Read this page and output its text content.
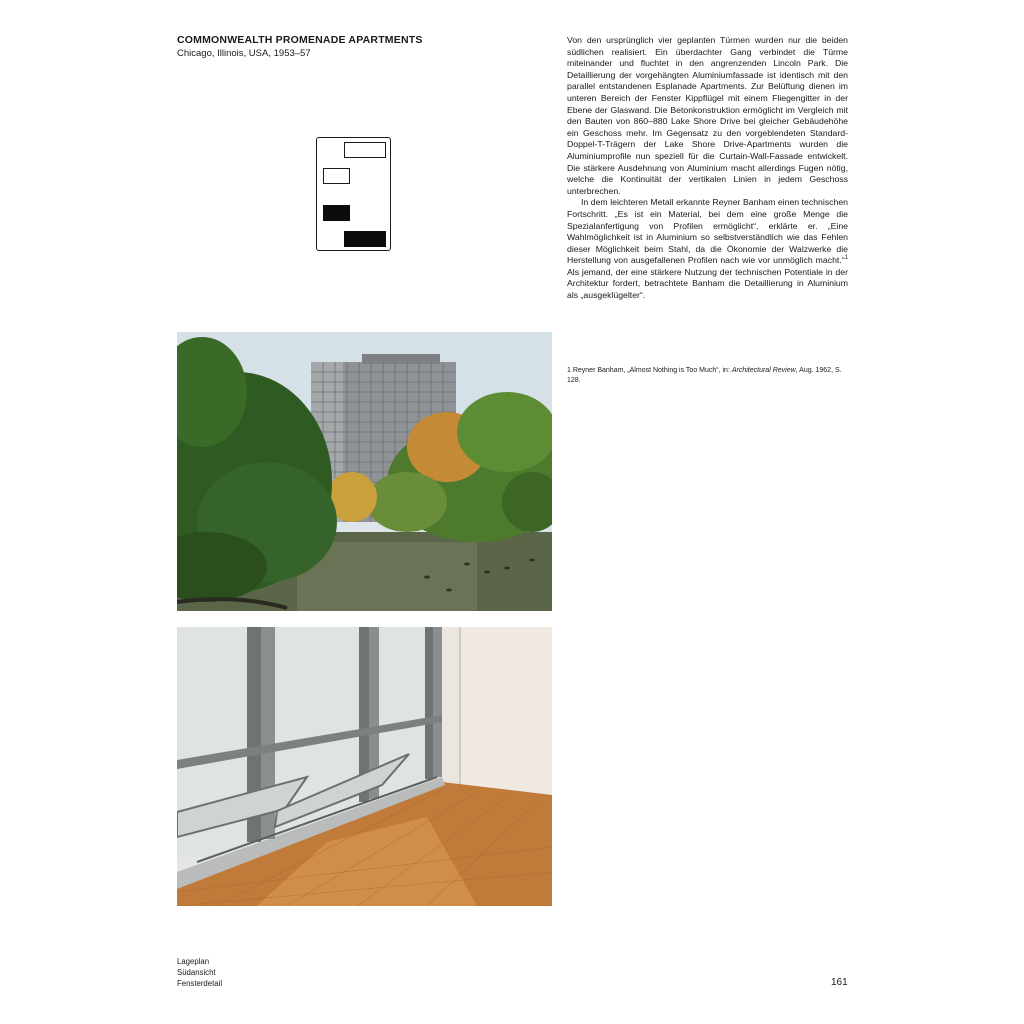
COMMONWEALTH PROMENADE APARTMENTS
Chicago, Illinois, USA, 1953–57

Von den ursprünglich vier geplanten Türmen wurden nur die beiden südlichen realisiert. Ein überdachter Gang verbindet die Türme miteinander und fluchtet in den angrenzenden Lincoln Park. Die Detaillierung der vorgehängten Aluminiumfassade ist identisch mit den parallel entstandenen Esplanade Apartments. Zur Belüftung dienen im unteren Bereich der Fenster Kippflügel mit einem Fliegengitter in der Ebene der Glaswand. Die Betonkonstruktion ermöglicht im Vergleich mit den Bauten von 860–880 Lake Shore Drive bei gleicher Gebäudehöhe ein Geschoss mehr. Im Gegensatz zu den vorgeblendeten Standard-Doppel-T-Trägern der Lake Shore Drive-Apartments wurden die Aluminiumprofile nun speziell für die Curtain-Wall-Fassade entwickelt. Die stärkere Ausdehnung von Aluminium macht allerdings Fugen nötig, welche die Kontinuität der vertikalen Linien in jedem Geschoss unterbrechen.

In dem leichteren Metall erkannte Reyner Banham einen technischen Fortschritt. „Es ist ein Material, bei dem eine große Menge die Spezialanfertigung von Profilen ermöglicht“, erklärte er. „Eine Wahlmöglichkeit ist in Aluminium so selbstverständlich wie das Fehlen dieser Möglichkeit beim Stahl, da die Ökonomie der Walzwerke die Herstellung von ausgefallenen Profilen nach wie vor unmöglich macht.“$^1$ Als jemand, der eine stärkere Nutzung der technischen Potentiale in der Architektur fordert, betrachtete Banham die Detaillierung in Aluminium als „ausgeklügelter“.

1 Reyner Banham, „Almost Nothing is Too Much“, in: Architectural Review, Aug. 1962, S. 128.
Lageplan
Südansicht
Fensterdetail	161
